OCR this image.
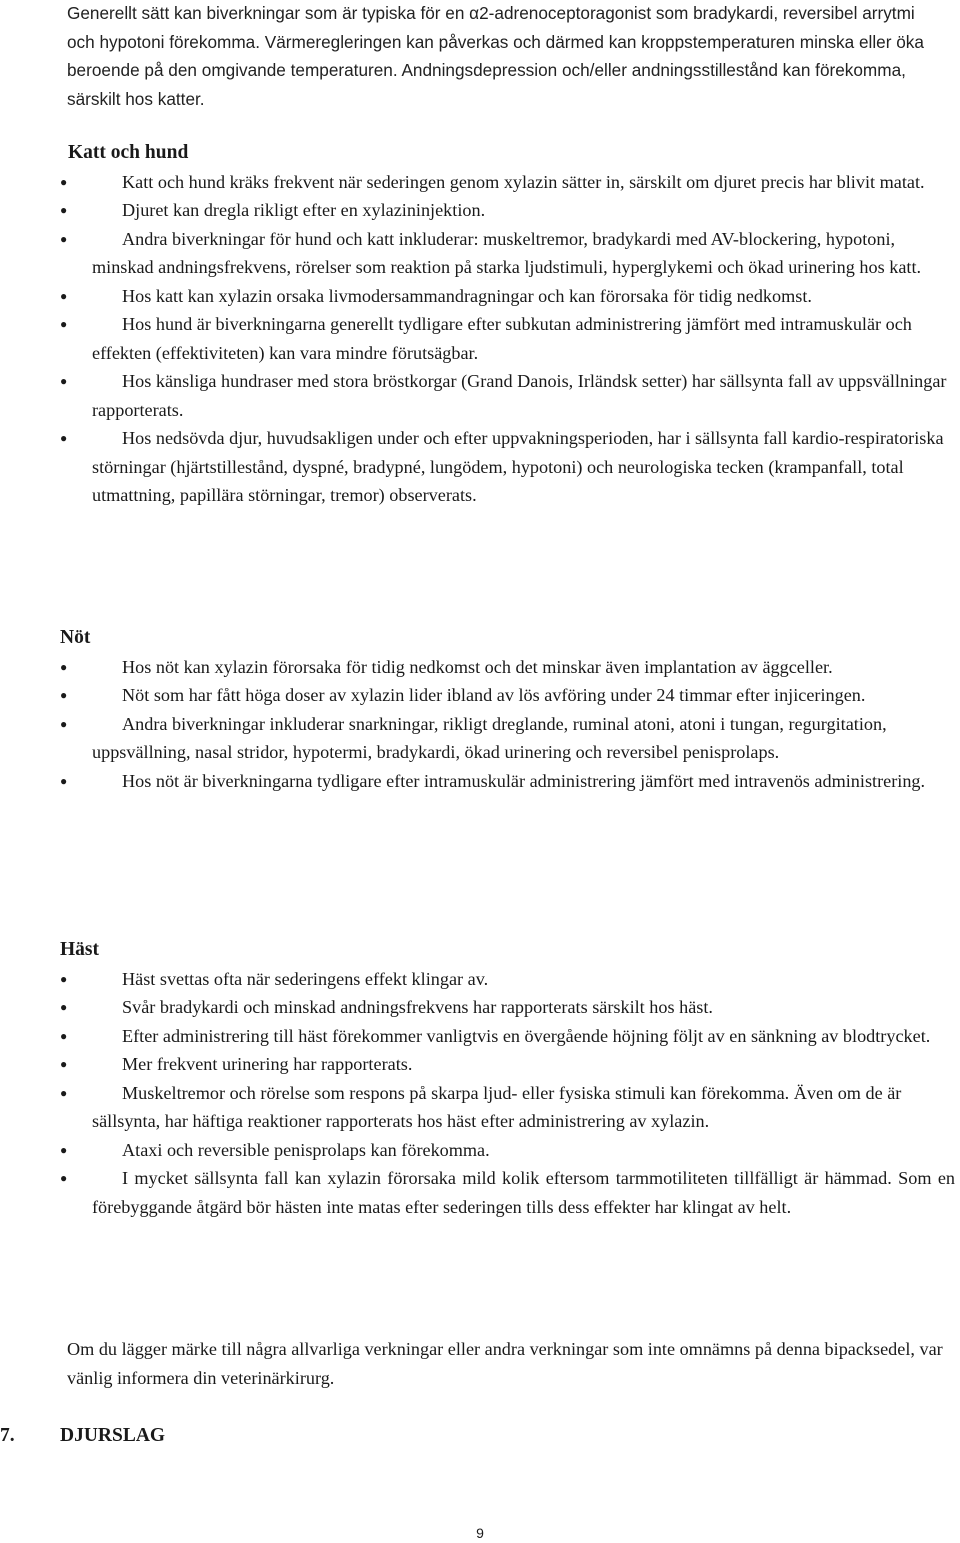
Generellt sätt kan biverkningar som är typiska för en α2-adrenoceptoragonist som bradykardi, reversibel arrytmi och hypotoni förekomma. Värmeregleringen kan påverkas och därmed kan kroppstemperaturen minska eller öka beroende på den omgivande temperaturen. Andningsdepression och/eller andningsstillestånd kan förekomma, särskilt hos katter.

Katt och hund
●	Katt och hund kräks frekvent när sederingen genom xylazin sätter in, särskilt om djuret precis har blivit matat.
●	Djuret kan dregla rikligt efter en xylazininjektion.
●	Andra biverkningar för hund och katt inkluderar: muskeltremor, bradykardi med AV-blockering, hypotoni, minskad andningsfrekvens, rörelser som reaktion på starka ljudstimuli, hyperglykemi och ökad urinering hos katt.
●	Hos katt kan xylazin orsaka livmodersammandragningar och kan förorsaka för tidig nedkomst.
●	Hos hund är biverkningarna generellt tydligare efter subkutan administrering jämfört med intramuskulär och effekten (effektiviteten) kan vara mindre förutsägbar.
●	Hos känsliga hundraser med stora bröstkorgar (Grand Danois, Irländsk setter) har sällsynta fall av uppsvällningar rapporterats.
●	Hos nedsövda djur, huvudsakligen under och efter uppvakningsperioden, har i sällsynta fall kardio-respiratoriska störningar (hjärtstillestånd, dyspné, bradypné, lungödem, hypotoni) och neurologiska tecken (krampanfall, total utmattning, papillära störningar, tremor) observerats.
Nöt
●	Hos nöt kan xylazin förorsaka för tidig nedkomst och det minskar även implantation av äggceller.
●	Nöt som har fått höga doser av xylazin lider ibland av lös avföring under 24 timmar efter injiceringen.
●	Andra biverkningar inkluderar snarkningar, rikligt dreglande, ruminal atoni, atoni i tungan, regurgitation, uppsvällning, nasal stridor, hypotermi, bradykardi, ökad urinering och reversibel penisprolaps.
●	Hos nöt är biverkningarna tydligare efter intramuskulär administrering jämfört med intravenös administrering.
Häst
●	Häst svettas ofta när sederingens effekt klingar av.
●	Svår bradykardi och minskad andningsfrekvens har rapporterats särskilt hos häst.
●	Efter administrering till häst förekommer vanligtvis en övergående höjning följt av en sänkning av blodtrycket.
●	Mer frekvent urinering har rapporterats.
●	Muskeltremor och rörelse som respons på skarpa ljud- eller fysiska stimuli kan förekomma. Även om de är sällsynta, har häftiga reaktioner rapporterats hos häst efter administrering av xylazin.
●	Ataxi och reversible penisprolaps kan förekomma.
●	I mycket sällsynta fall kan xylazin förorsaka mild kolik eftersom tarmmotiliteten tillfälligt är hämmad. Som en förebyggande åtgärd bör hästen inte matas efter sederingen tills dess effekter har klingat av helt.

Om du lägger märke till några allvarliga verkningar eller andra verkningar som inte omnämns på denna bipacksedel, var vänlig informera din veterinärkirurg.

7. DJURSLAG
9
